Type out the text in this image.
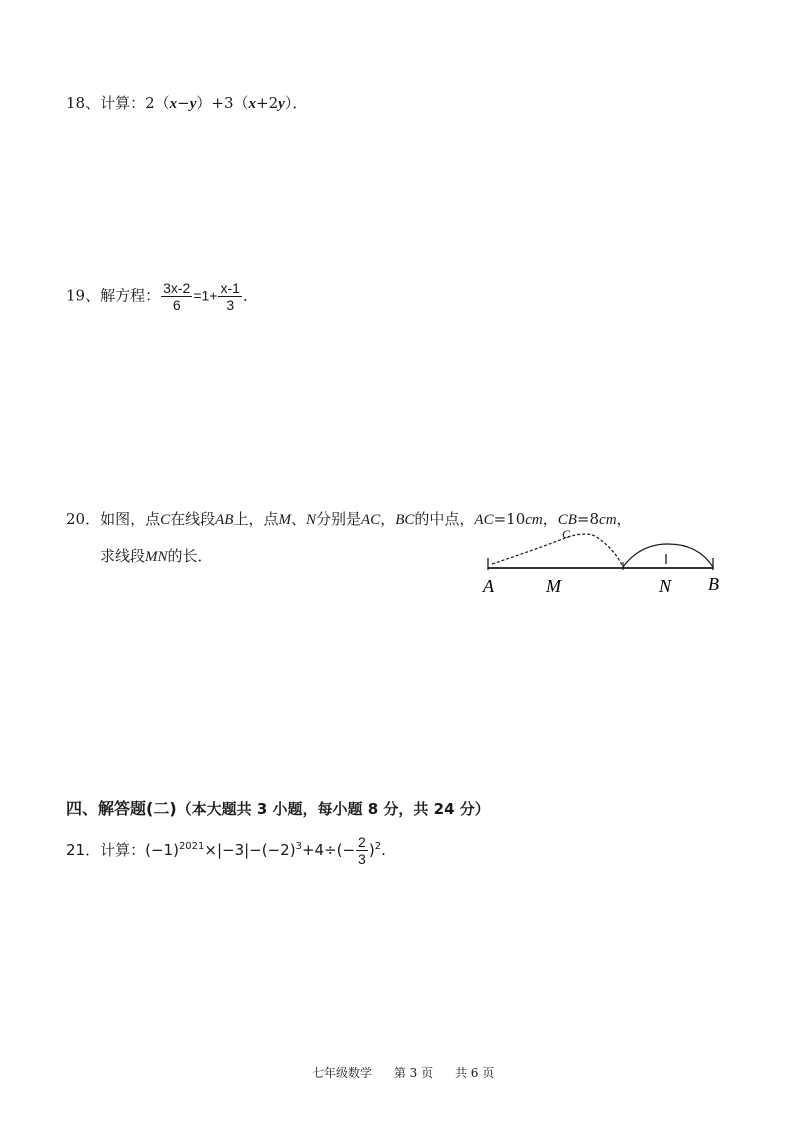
18、计算：2（x−y）+3（x+2y）．
19、解方程： $\frac{3x-2}{6} =1+ \frac{x-1}{3}$ ．
20．如图，点C在线段AB上，点M、N分别是AC，BC的中点，AC=10cm，CB=8cm，
求线段MN的长．
C
A	M	N B
四、解答题(二)（本大题共 3 小题，每小题 8 分，共 24 分）
21．计算：$(-1)^{2021}\times|-3|-(-2)^3+4\div(- \frac{2}{3} )^2$.
七年级数学 第 3 页 共 6 页
